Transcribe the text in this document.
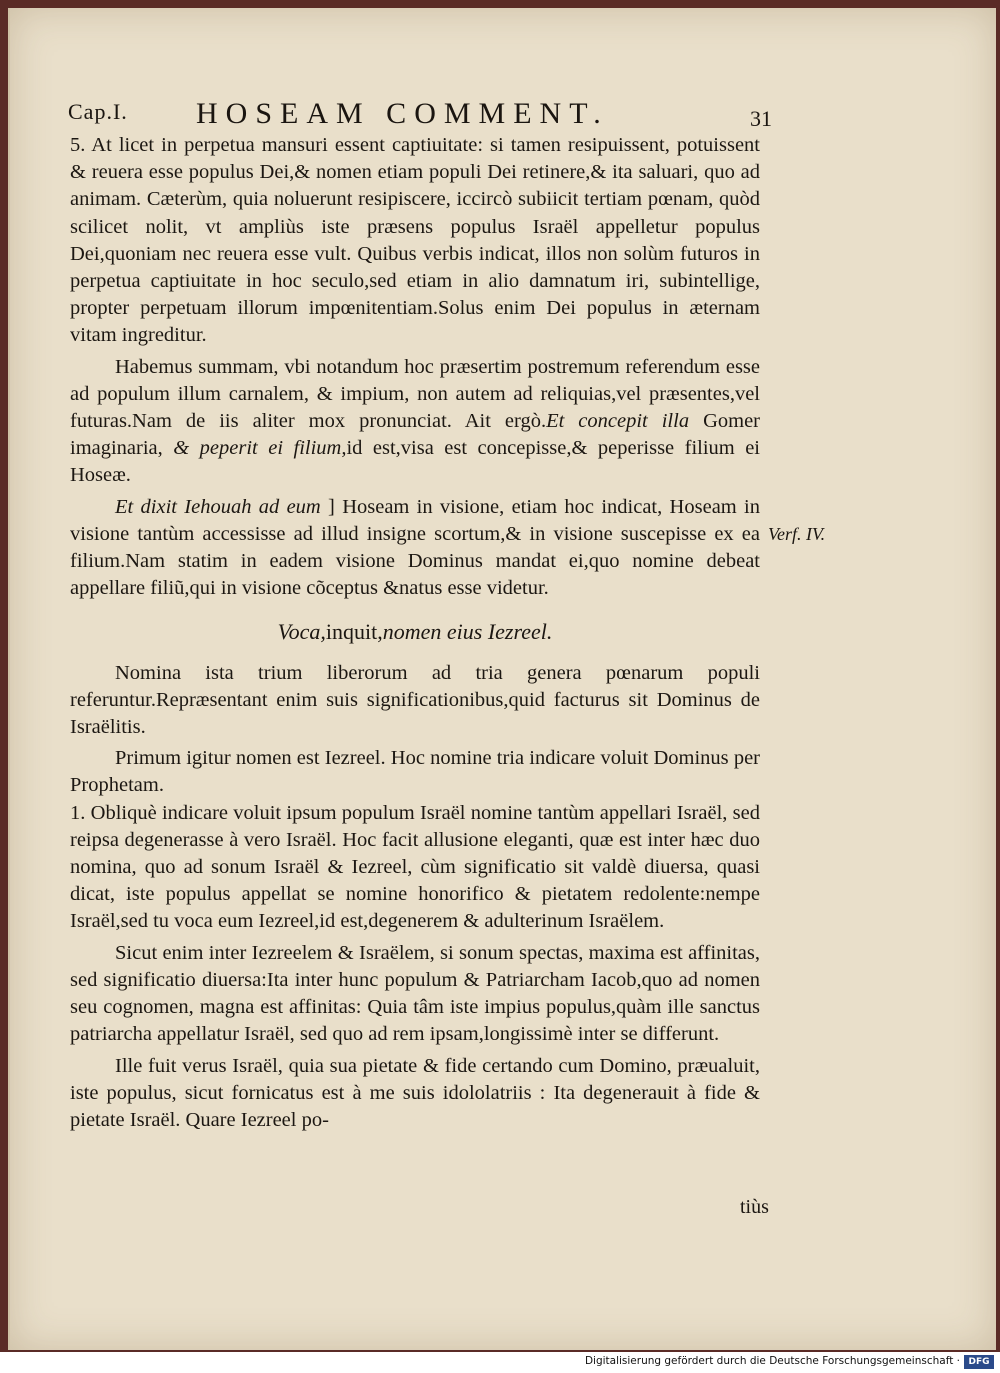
Cap.I. HOSEAM COMMENT.	31

5. At licet in perpetua mansuri essent captiuitate: si tamen resipuissent, potuissent & reuera esse populus Dei,& nomen etiam populi Dei retinere,& ita saluari, quo ad animam. Cæterùm, quia noluerunt resipiscere, iccircò subiicit tertiam pœnam, quòd scilicet nolit, vt ampliùs iste præsens populus Israël appelletur populus Dei,quoniam nec reuera esse vult. Quibus verbis indicat, illos non solùm futuros in perpetua captiuitate in hoc seculo,sed etiam in alio damnatum iri, subintellige, propter perpetuam illorum impœnitentiam.Solus enim Dei populus in æternam vitam ingreditur.

Habemus summam, vbi notandum hoc præsertim postremum referendum esse ad populum illum carnalem, & impium, non autem ad reliquias,vel præsentes,vel futuras.Nam de iis aliter mox pronunciat. Ait ergò.Et concepit illa Gomer imaginaria, & peperit ei filium,id est,visa est concepisse,& peperisse filium ei Hoseæ.

Et dixit Iehouah ad eum ] Hoseam in visione, etiam hoc indicat, Hoseam in visione tantùm accessisse ad illud insigne scortum,& in visione suscepisse ex ea filium.Nam statim in eadem visione Dominus mandat ei,quo nomine debeat appellare filiũ,qui in visione cõceptus &natus esse videtur.

Voca,inquit,nomen eius Iezreel.

Nomina ista trium liberorum ad tria genera pœnarum populi referuntur.Repræsentant enim suis significationibus,quid facturus sit Dominus de Israëlitis.

Primum igitur nomen est Iezreel. Hoc nomine tria indicare voluit Dominus per Prophetam.

1. Obliquè indicare voluit ipsum populum Israël nomine tantùm appellari Israël, sed reipsa degenerasse à vero Israël. Hoc facit allusione eleganti, quæ est inter hæc duo nomina, quo ad sonum Israël & Iezreel, cùm significatio sit valdè diuersa, quasi dicat, iste populus appellat se nomine honorifico & pietatem redolente:nempe Israël,sed tu voca eum Iezreel,id est,degenerem & adulterinum Israëlem.

Sicut enim inter Iezreelem & Israëlem, si sonum spectas, maxima est affinitas, sed significatio diuersa:Ita inter hunc populum & Patriarcham Iacob,quo ad nomen seu cognomen, magna est affinitas: Quia tâm iste impius populus,quàm ille sanctus patriarcha appellatur Israël, sed quo ad rem ipsam,longissimè inter se differunt.

Ille fuit verus Israël, quia sua pietate & fide certando cum Domino, præualuit, iste populus, sicut fornicatus est à me suis idololatriis : Ita degenerauit à fide & pietate Israël. Quare Iezreel po-

Verf. IV.
tiùs
Digitalisierung gefördert durch die Deutsche Forschungsgemeinschaft · DFG
